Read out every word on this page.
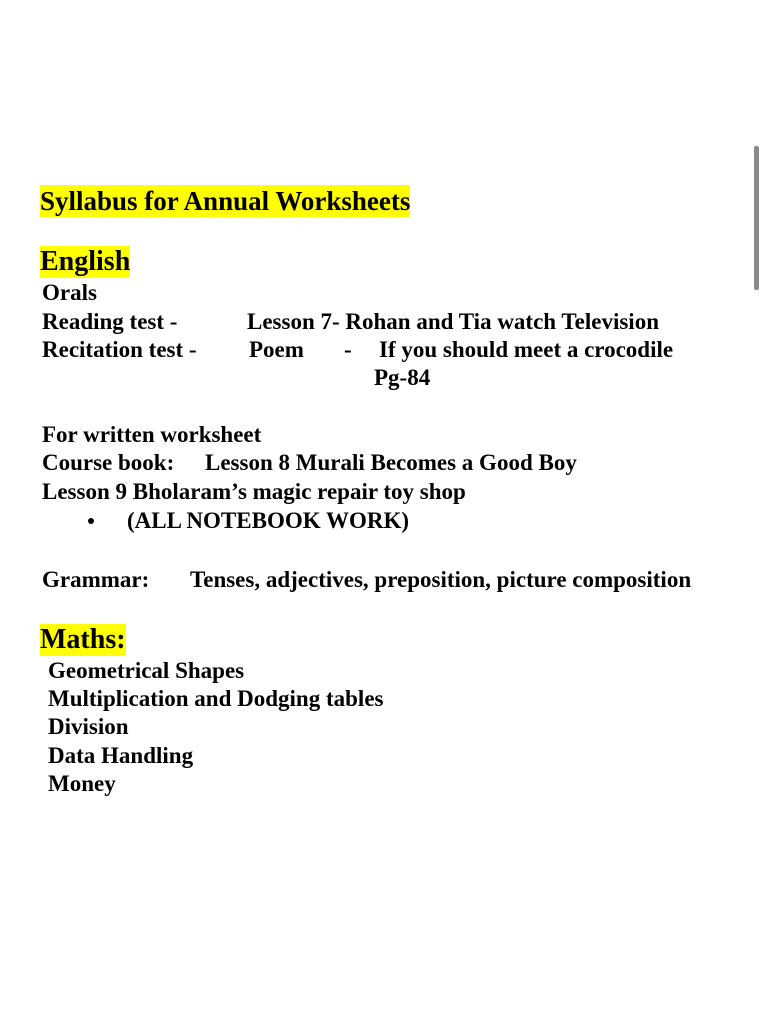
Syllabus for Annual Worksheets
English
Orals
Reading test -	Lesson 7- Rohan and Tia watch Television
Recitation test - Poem - If you should meet a crocodile
Pg-84
For written worksheet
Course book: Lesson 8 Murali Becomes a Good Boy
Lesson 9 Bholaram’s magic repair toy shop
(ALL NOTEBOOK WORK)
Grammar: Tenses, adjectives, preposition, picture composition
Maths:
Geometrical Shapes
Multiplication and Dodging tables
Division
Data Handling
Money
